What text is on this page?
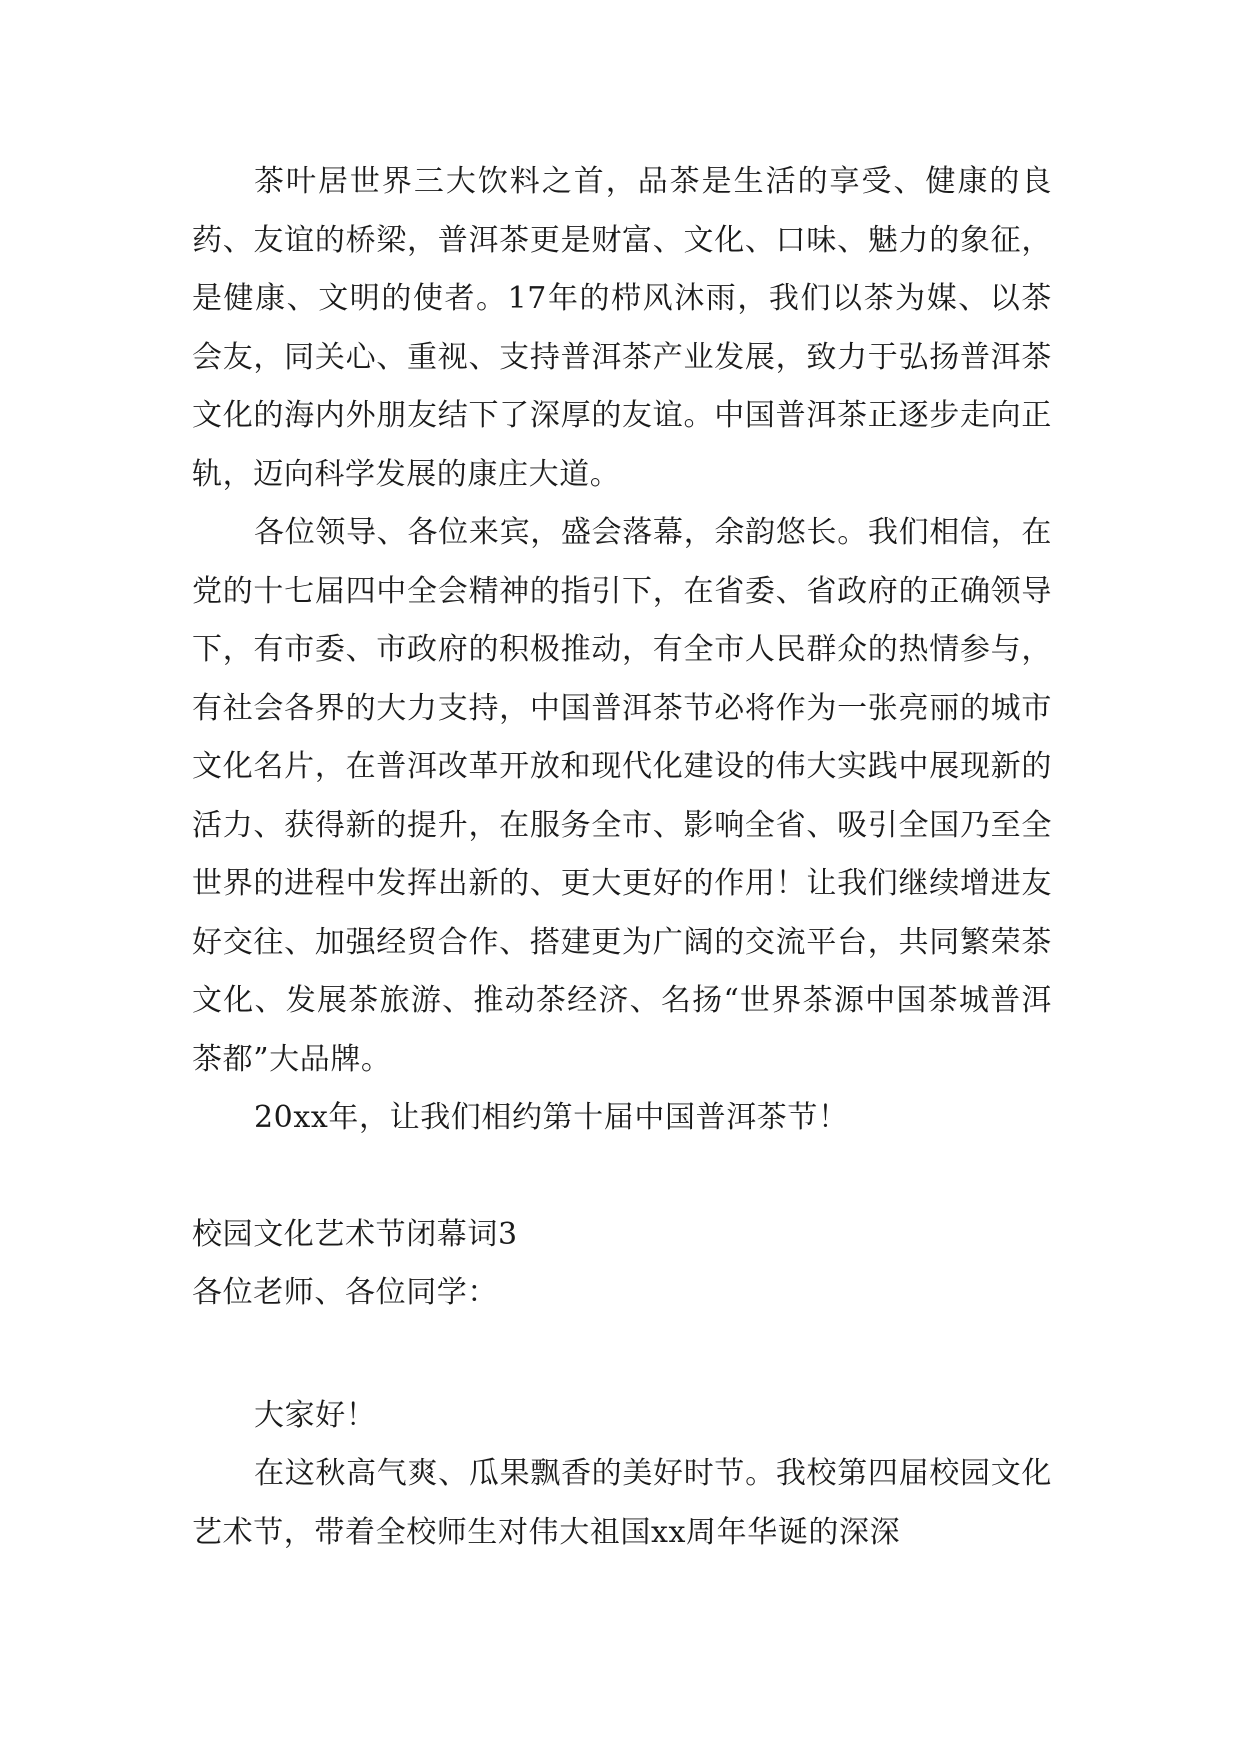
茶叶居世界三大饮料之首，品茶是生活的享受、健康的良药、友谊的桥梁，普洱茶更是财富、文化、口味、魅力的象征，是健康、文明的使者。17年的栉风沐雨，我们以茶为媒、以茶会友，同关心、重视、支持普洱茶产业发展，致力于弘扬普洱茶文化的海内外朋友结下了深厚的友谊。中国普洱茶正逐步走向正轨，迈向科学发展的康庄大道。

各位领导、各位来宾，盛会落幕，余韵悠长。我们相信，在党的十七届四中全会精神的指引下，在省委、省政府的正确领导下，有市委、市政府的积极推动，有全市人民群众的热情参与，有社会各界的大力支持，中国普洱茶节必将作为一张亮丽的城市文化名片，在普洱改革开放和现代化建设的伟大实践中展现新的活力、获得新的提升，在服务全市、影响全省、吸引全国乃至全世界的进程中发挥出新的、更大更好的作用！让我们继续增进友好交往、加强经贸合作、搭建更为广阔的交流平台，共同繁荣茶文化、发展茶旅游、推动茶经济、名扬“世界茶源中国茶城普洱茶都”大品牌。

20xx年，让我们相约第十届中国普洱茶节！

校园文化艺术节闭幕词3

各位老师、各位同学：

大家好！

在这秋高气爽、瓜果飘香的美好时节。我校第四届校园文化艺术节，带着全校师生对伟大祖国xx周年华诞的深深
